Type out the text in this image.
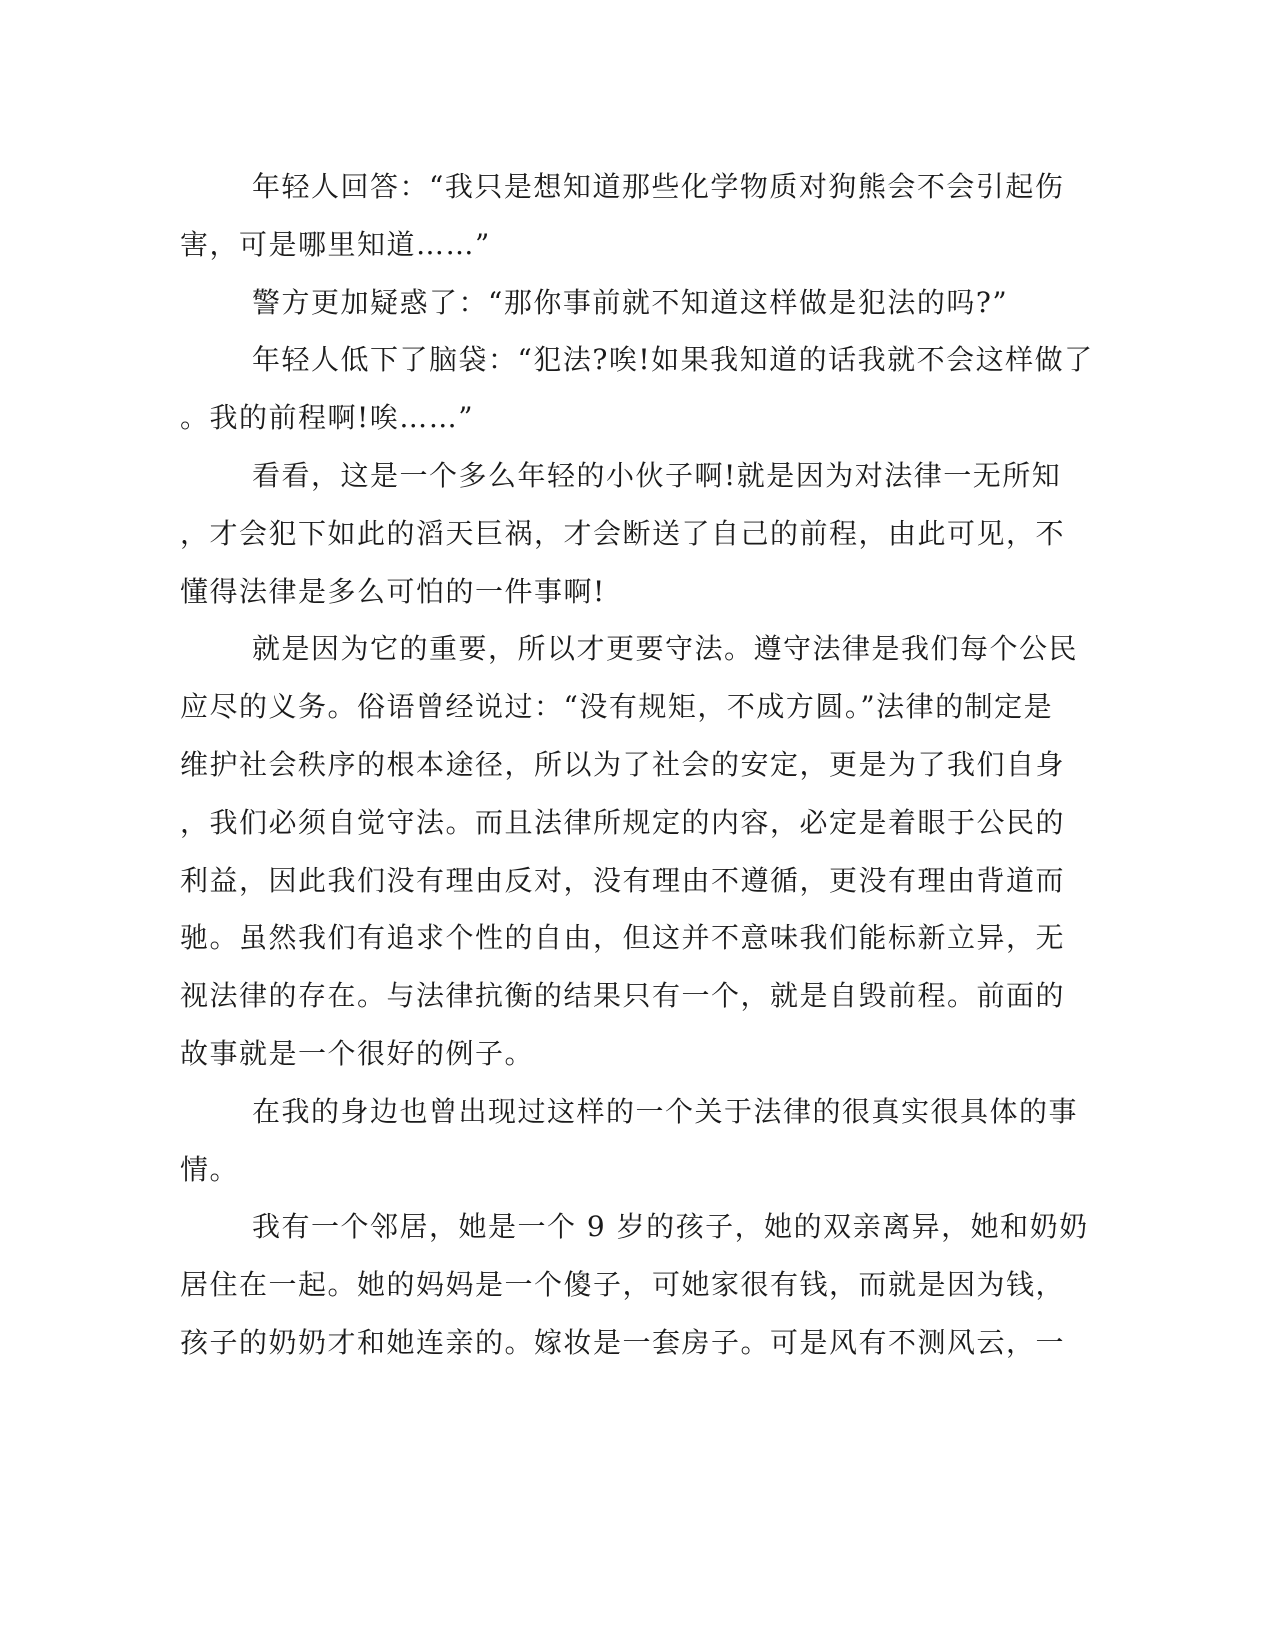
年轻人回答：“我只是想知道那些化学物质对狗熊会不会引起伤
害，可是哪里知道……”
警方更加疑惑了：“那你事前就不知道这样做是犯法的吗?”
年轻人低下了脑袋：“犯法?唉!如果我知道的话我就不会这样做了
。我的前程啊!唉……”
看看，这是一个多么年轻的小伙子啊!就是因为对法律一无所知
，才会犯下如此的滔天巨祸，才会断送了自己的前程，由此可见，不
懂得法律是多么可怕的一件事啊!
就是因为它的重要，所以才更要守法。遵守法律是我们每个公民
应尽的义务。俗语曾经说过：“没有规矩，不成方圆。”法律的制定是
维护社会秩序的根本途径，所以为了社会的安定，更是为了我们自身
，我们必须自觉守法。而且法律所规定的内容，必定是着眼于公民的
利益，因此我们没有理由反对，没有理由不遵循，更没有理由背道而
驰。虽然我们有追求个性的自由，但这并不意味我们能标新立异，无
视法律的存在。与法律抗衡的结果只有一个，就是自毁前程。前面的
故事就是一个很好的例子。
在我的身边也曾出现过这样的一个关于法律的很真实很具体的事
情。
我有一个邻居，她是一个 9 岁的孩子，她的双亲离异，她和奶奶
居住在一起。她的妈妈是一个傻子，可她家很有钱，而就是因为钱，
孩子的奶奶才和她连亲的。嫁妆是一套房子。可是风有不测风云，一
